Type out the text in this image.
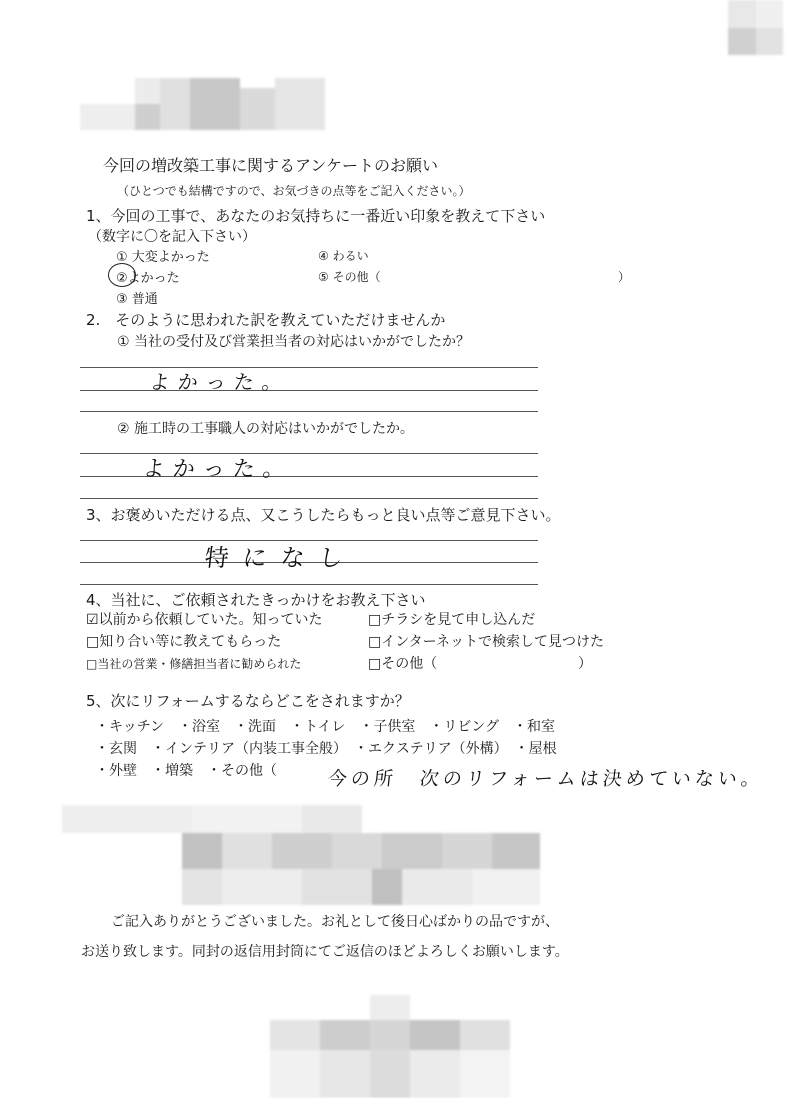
今回の増改築工事に関するアンケートのお願い
（ひとつでも結構ですので、お気づきの点等をご記入ください。）
1、今回の工事で、あなたのお気持ちに一番近い印象を教えて下さい
（数字に〇を記入下さい）
① 大変よかった
②よかった
③ 普通
④ わるい
⑤ その他（	）
2.　そのように思われた訳を教えていただけませんか
① 当社の受付及び営業担当者の対応はいかがでしたか？
よかった。
② 施工時の工事職人の対応はいかがでしたか。
よかった。
3、お褒めいただける点、又こうしたらもっと良い点等ご意見下さい。
特になし
4、当社に、ご依頼されたきっかけをお教え下さい
☑以前から依頼していた。知っていた
□知り合い等に教えてもらった
□当社の営業・修繕担当者に勧められた
□チラシを見て申し込んだ
□インターネットで検索して見つけた
□その他（	）
5、次にリフォームするならどこをされますか？
・キッチン　・浴室　・洗面　・トイレ　・子供室　・リビング　・和室
・玄関　・インテリア（内装工事全般）　・エクステリア（外構）　・屋根
・外壁　・増築　・その他（	今の所　次のリフォームは決めていない。
ご記入ありがとうございました。お礼として後日心ばかりの品ですが、
お送り致します。同封の返信用封筒にてご返信のほどよろしくお願いします。
